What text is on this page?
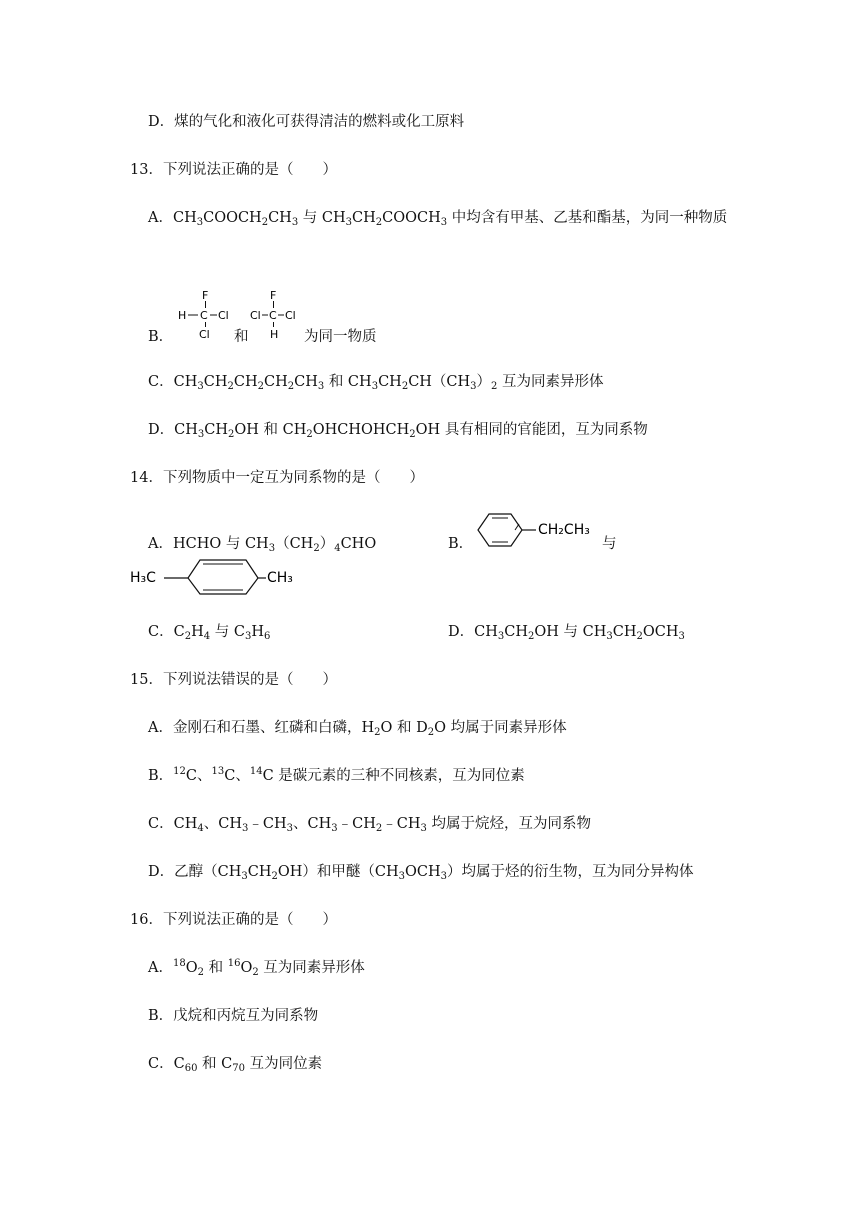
D．煤的气化和液化可获得清洁的燃料或化工原料
13．下列说法正确的是（　　）
A．$CH_3COOCH_2CH_3$ 与 $CH_3CH_2COOCH_3$ 中均含有甲基、乙基和酯基，为同一种物质
F
H C Cl
Cl
F
Cl C Cl
H
B．	和	为同一物质
C．$CH_3CH_2CH_2CH_2CH_3$ 和 $CH_3CH_2CH(CH_3)_2$ 互为同素异形体
D．$CH_3CH_2OH$ 和 $CH_2OHCHOHCH_2OH$ 具有相同的官能团，互为同系物
14．下列物质中一定互为同系物的是（　　）
A．HCHO 与 $CH_3(CH_2)_4CHO$	B．
CH₂CH₃
与
H₃C	CH₃
C．$C_2H_4$ 与 $C_3H_6$	D．$CH_3CH_2OH$ 与 $CH_3CH_2OCH_3$
15．下列说法错误的是（　　）
A．金刚石和石墨、红磷和白磷，$H_2O$ 和 $D_2O$ 均属于同素异形体
B．$^{12}$C、$^{13}$C、$^{14}$C 是碳元素的三种不同核素，互为同位素
C．$CH_4$、$CH_3﹣CH_3$、$CH_3﹣CH_2﹣CH_3$ 均属于烷烃，互为同系物
D．乙醇$(CH_3CH_2OH)$和甲醚$(CH_3OCH_3)$均属于烃的衍生物，互为同分异构体
16．下列说法正确的是（　　）
A．$^{18}O_2$ 和 $^{16}O_2$ 互为同素异形体
B．戊烷和丙烷互为同系物
C．$C_{60}$ 和 $C_{70}$ 互为同位素
